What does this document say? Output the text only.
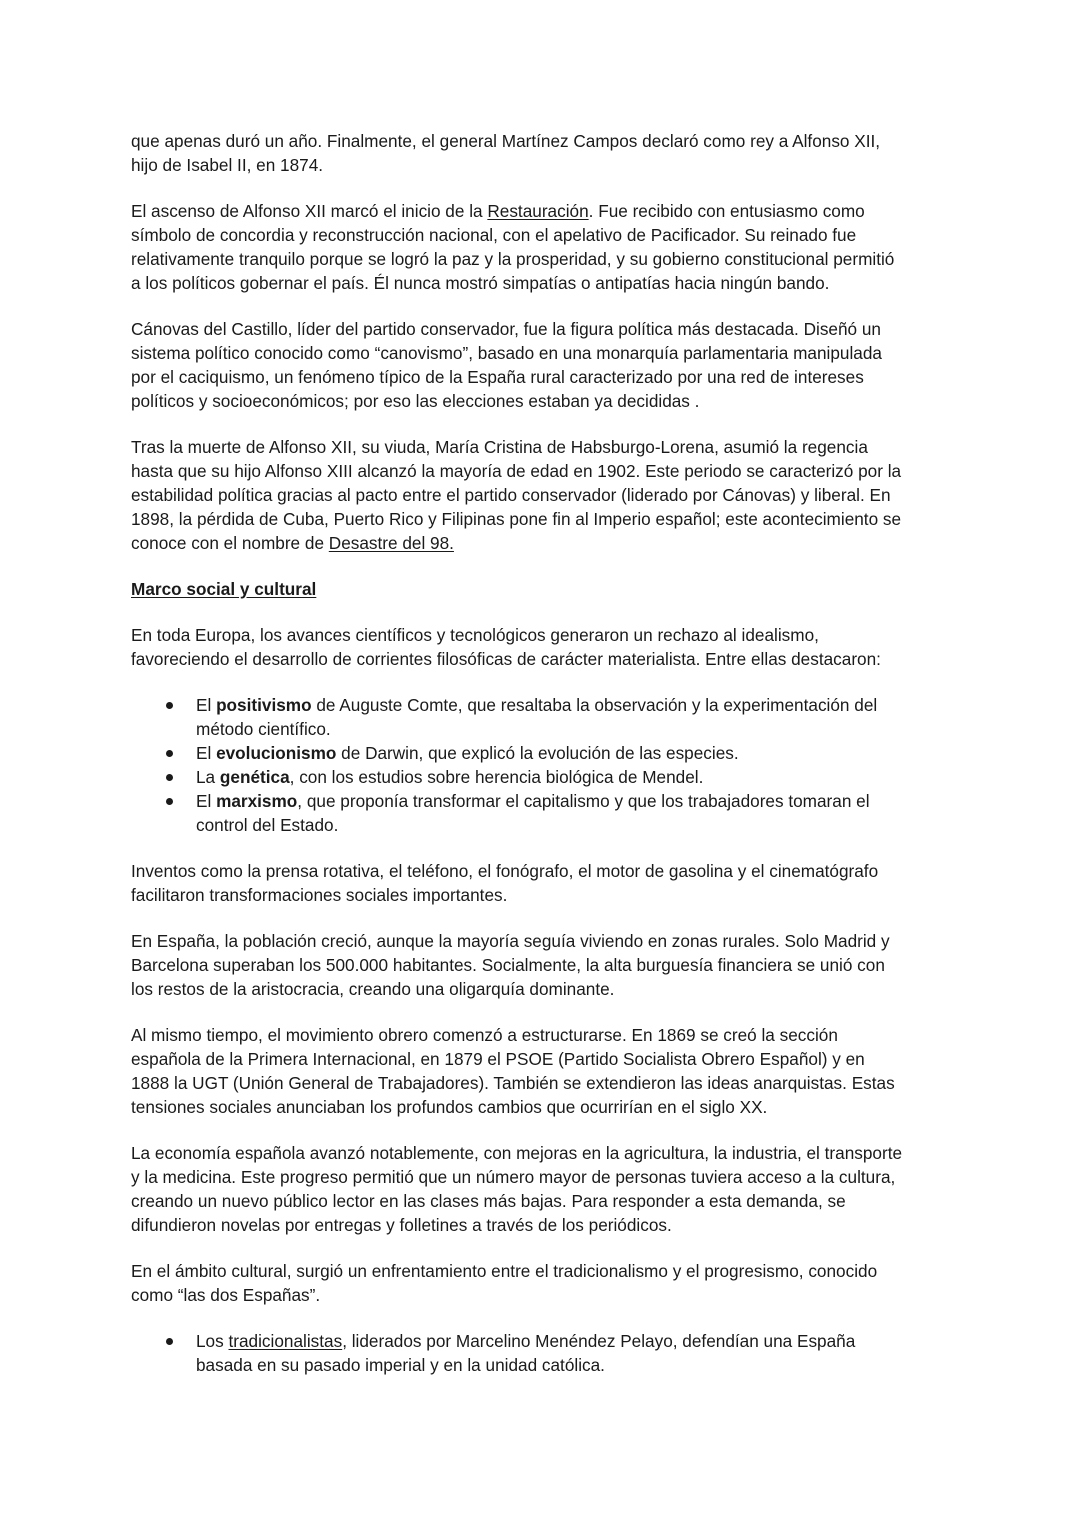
que apenas duró un año. Finalmente, el general Martínez Campos declaró como rey a Alfonso XII,
hijo de Isabel II, en 1874.

El ascenso de Alfonso XII marcó el inicio de la Restauración. Fue recibido con entusiasmo como
símbolo de concordia y reconstrucción nacional, con el apelativo de Pacificador. Su reinado fue
relativamente tranquilo porque se logró la paz y la prosperidad, y su gobierno constitucional permitió
a los políticos gobernar el país. Él nunca mostró simpatías o antipatías hacia ningún bando.

Cánovas del Castillo, líder del partido conservador, fue la figura política más destacada. Diseñó un
sistema político conocido como “canovismo”, basado en una monarquía parlamentaria manipulada
por el caciquismo, un fenómeno típico de la España rural caracterizado por una red de intereses
políticos y socioeconómicos; por eso las elecciones estaban ya decididas .

Tras la muerte de Alfonso XII, su viuda, María Cristina de Habsburgo-Lorena, asumió la regencia
hasta que su hijo Alfonso XIII alcanzó la mayoría de edad en 1902. Este periodo se caracterizó por la
estabilidad política gracias al pacto entre el partido conservador (liderado por Cánovas) y liberal. En
1898, la pérdida de Cuba, Puerto Rico y Filipinas pone fin al Imperio español; este acontecimiento se
conoce con el nombre de Desastre del 98.

Marco social y cultural

En toda Europa, los avances científicos y tecnológicos generaron un rechazo al idealismo,
favoreciendo el desarrollo de corrientes filosóficas de carácter materialista. Entre ellas destacaron:

El positivismo de Auguste Comte, que resaltaba la observación y la experimentación del
método científico.
El evolucionismo de Darwin, que explicó la evolución de las especies.
La genética, con los estudios sobre herencia biológica de Mendel.
El marxismo, que proponía transformar el capitalismo y que los trabajadores tomaran el
control del Estado.

Inventos como la prensa rotativa, el teléfono, el fonógrafo, el motor de gasolina y el cinematógrafo
facilitaron transformaciones sociales importantes.

En España, la población creció, aunque la mayoría seguía viviendo en zonas rurales. Solo Madrid y
Barcelona superaban los 500.000 habitantes. Socialmente, la alta burguesía financiera se unió con
los restos de la aristocracia, creando una oligarquía dominante.

Al mismo tiempo, el movimiento obrero comenzó a estructurarse. En 1869 se creó la sección
española de la Primera Internacional, en 1879 el PSOE (Partido Socialista Obrero Español) y en
1888 la UGT (Unión General de Trabajadores). También se extendieron las ideas anarquistas. Estas
tensiones sociales anunciaban los profundos cambios que ocurrirían en el siglo XX.

La economía española avanzó notablemente, con mejoras en la agricultura, la industria, el transporte
y la medicina. Este progreso permitió que un número mayor de personas tuviera acceso a la cultura,
creando un nuevo público lector en las clases más bajas. Para responder a esta demanda, se
difundieron novelas por entregas y folletines a través de los periódicos.

En el ámbito cultural, surgió un enfrentamiento entre el tradicionalismo y el progresismo, conocido
como “las dos Españas”.

Los tradicionalistas, liderados por Marcelino Menéndez Pelayo, defendían una España
basada en su pasado imperial y en la unidad católica.
